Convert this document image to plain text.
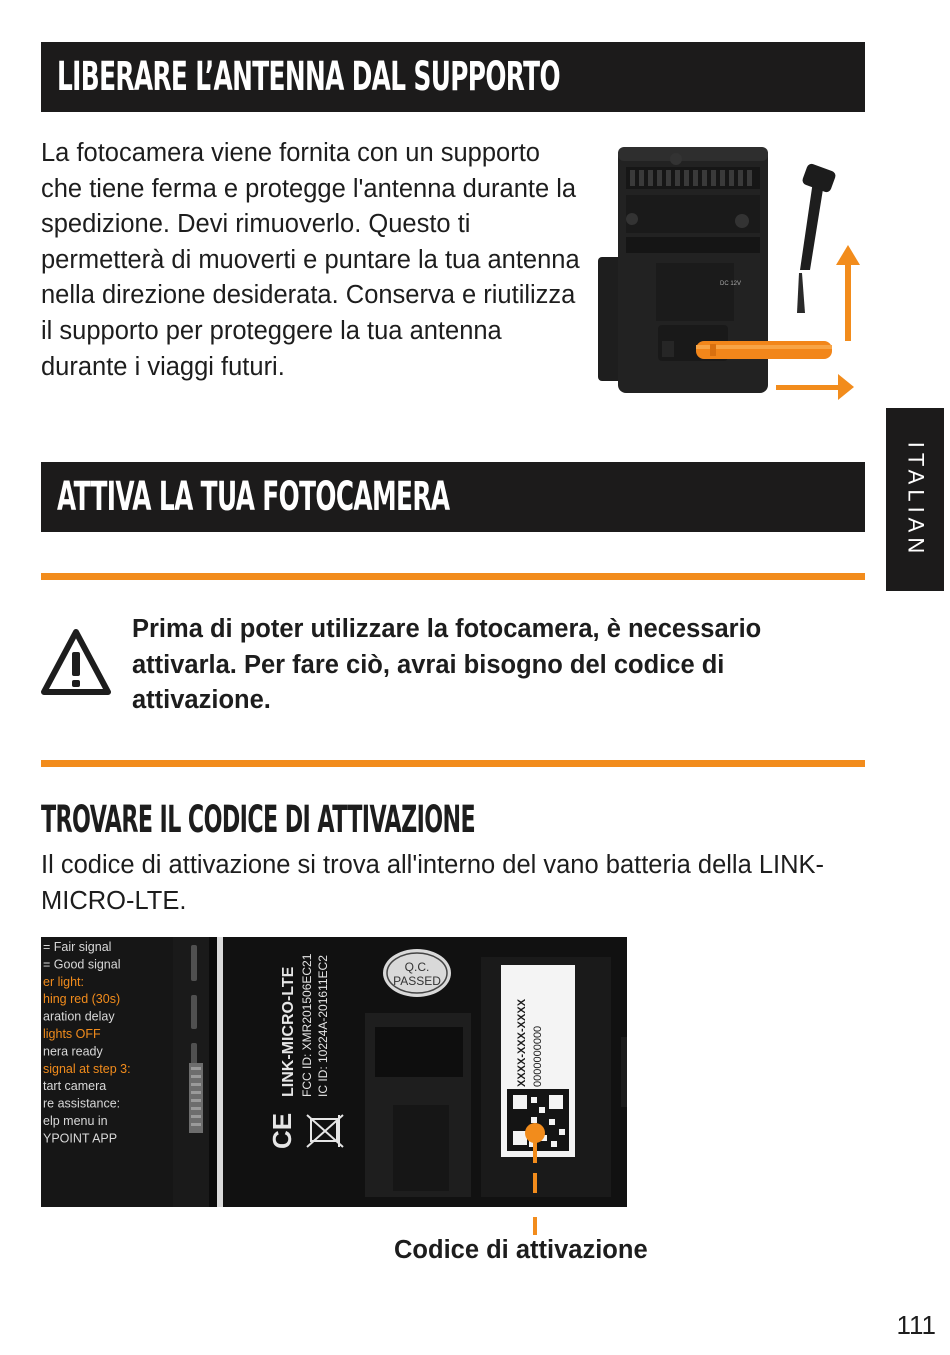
LIBERARE L’ANTENNA DAL SUPPORTO

La fotocamera viene fornita con un supporto che tiene ferma e protegge l'antenna durante la spedizione. Devi rimuoverlo. Questo ti permetterà di muoverti e puntare la tua antenna nella direzione desiderata. Conserva e riutilizza il supporto per proteggere la tua antenna durante i viaggi futuri.

DC 12V
ATTIVA LA TUA FOTOCAMERA

Prima di poter utilizzare la fotocamera, è necessario attivarla. Per fare ciò, avrai bisogno del codice di attivazione.

TROVARE IL CODICE DI ATTIVAZIONE

Il codice di attivazione si trova all'interno del vano batteria della LINK-MICRO-LTE.

= Fair signal
= Good signal
er light:
hing red (30s)
aration delay
lights OFF
nera ready
signal at step 3:
tart camera
re assistance:
elp menu in
YPOINT APP
LINK-MICRO-LTE FCC ID: XMR201506EC21 IC ID: 10224A-201611EC2
CE
Q.C.
PASSED
XXXX-XXX-XXXX 0000000000
Codice di attivazione
ITALIAN
111
